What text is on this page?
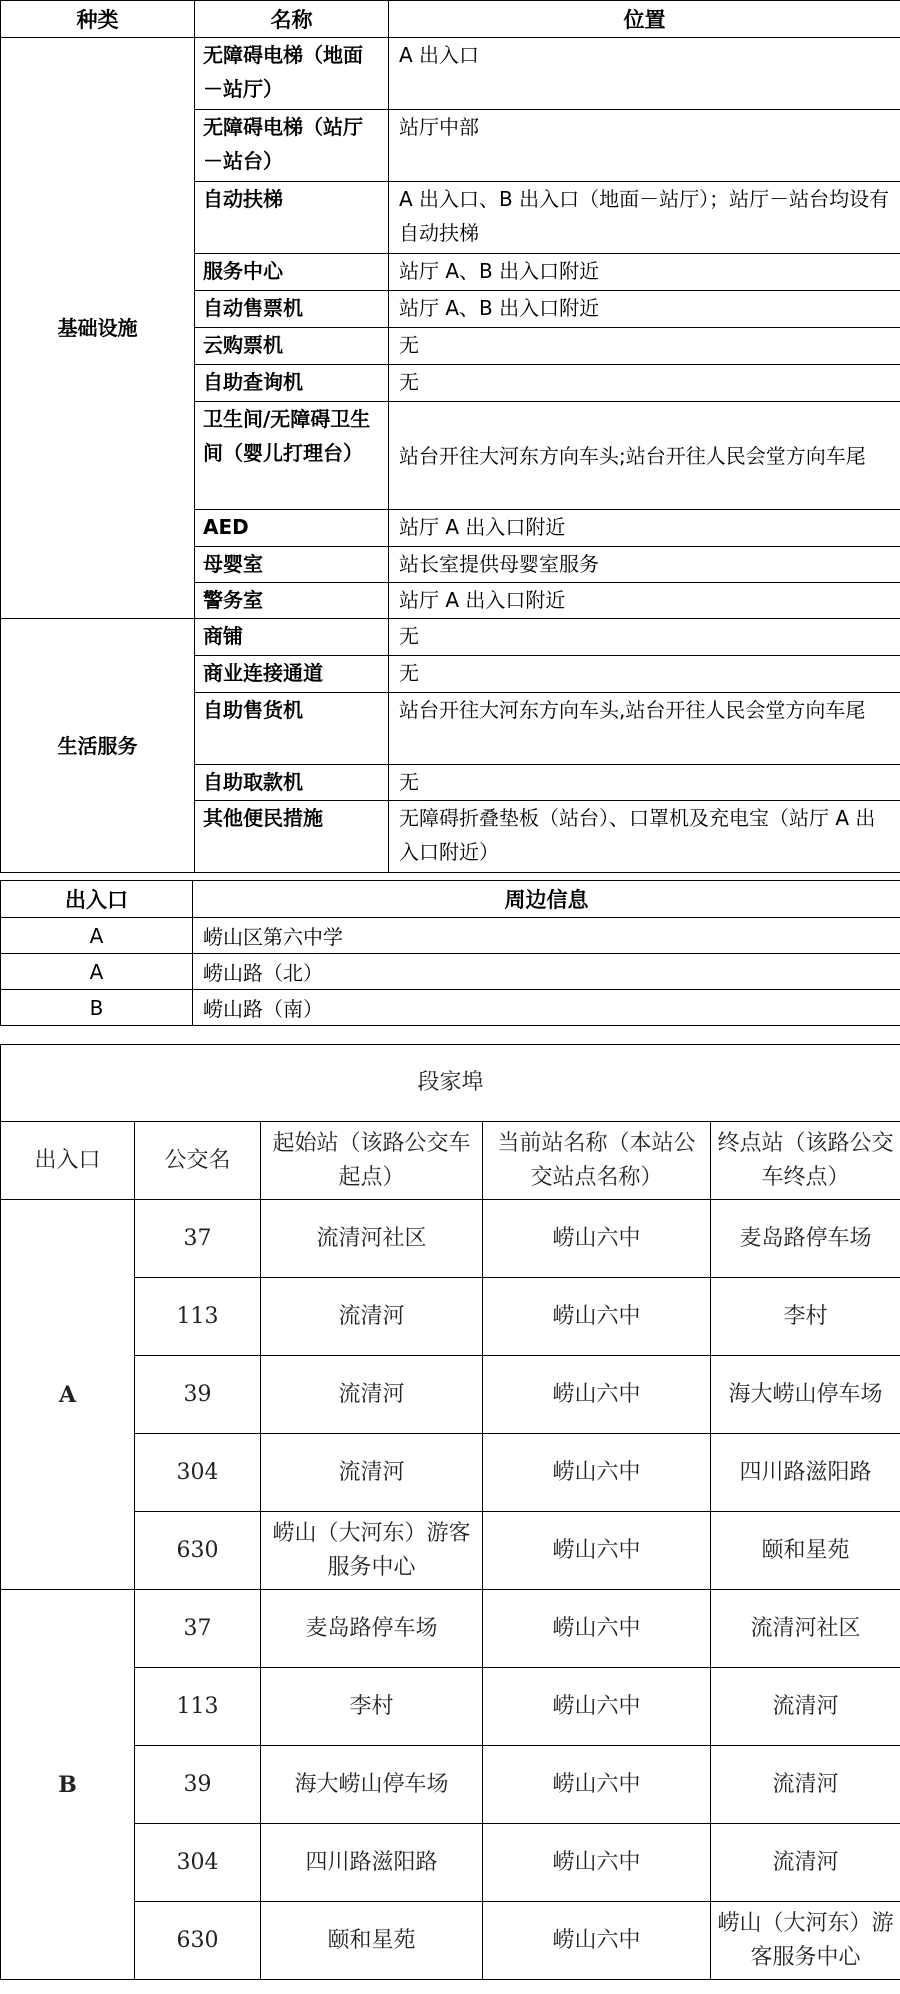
种类	名称	位置
基础设施	无障碍电梯（地面－站厅）	A 出入口
	无障碍电梯（站厅－站台）	站厅中部
	自动扶梯	A 出入口、B 出入口（地面－站厅）；站厅－站台均设有自动扶梯
	服务中心	站厅 A、B 出入口附近
	自动售票机	站厅 A、B 出入口附近
	云购票机	无
	自助查询机	无
	卫生间/无障碍卫生间（婴儿打理台）	站台开往大河东方向车头;站台开往人民会堂方向车尾
	AED	站厅 A 出入口附近
	母婴室	站长室提供母婴室服务
	警务室	站厅 A 出入口附近
生活服务	商铺	无
	商业连接通道	无
	自助售货机	站台开往大河东方向车头,站台开往人民会堂方向车尾
	自助取款机	无
	其他便民措施	无障碍折叠垫板（站台）、口罩机及充电宝（站厅 A 出入口附近）
出入口	周边信息
A	崂山区第六中学
A	崂山路（北）
B	崂山路（南）
段家埠				
出入口	公交名	起始站（该路公交车起点）	当前站名称（本站公交站点名称）	终点站（该路公交车终点）
A	37	流清河社区	崂山六中	麦岛路停车场
	113	流清河	崂山六中	李村
	39	流清河	崂山六中	海大崂山停车场
	304	流清河	崂山六中	四川路滋阳路
	630	崂山（大河东）游客服务中心	崂山六中	颐和星苑
B	37	麦岛路停车场	崂山六中	流清河社区
	113	李村	崂山六中	流清河
	39	海大崂山停车场	崂山六中	流清河
	304	四川路滋阳路	崂山六中	流清河
	630	颐和星苑	崂山六中	崂山（大河东）游客服务中心
